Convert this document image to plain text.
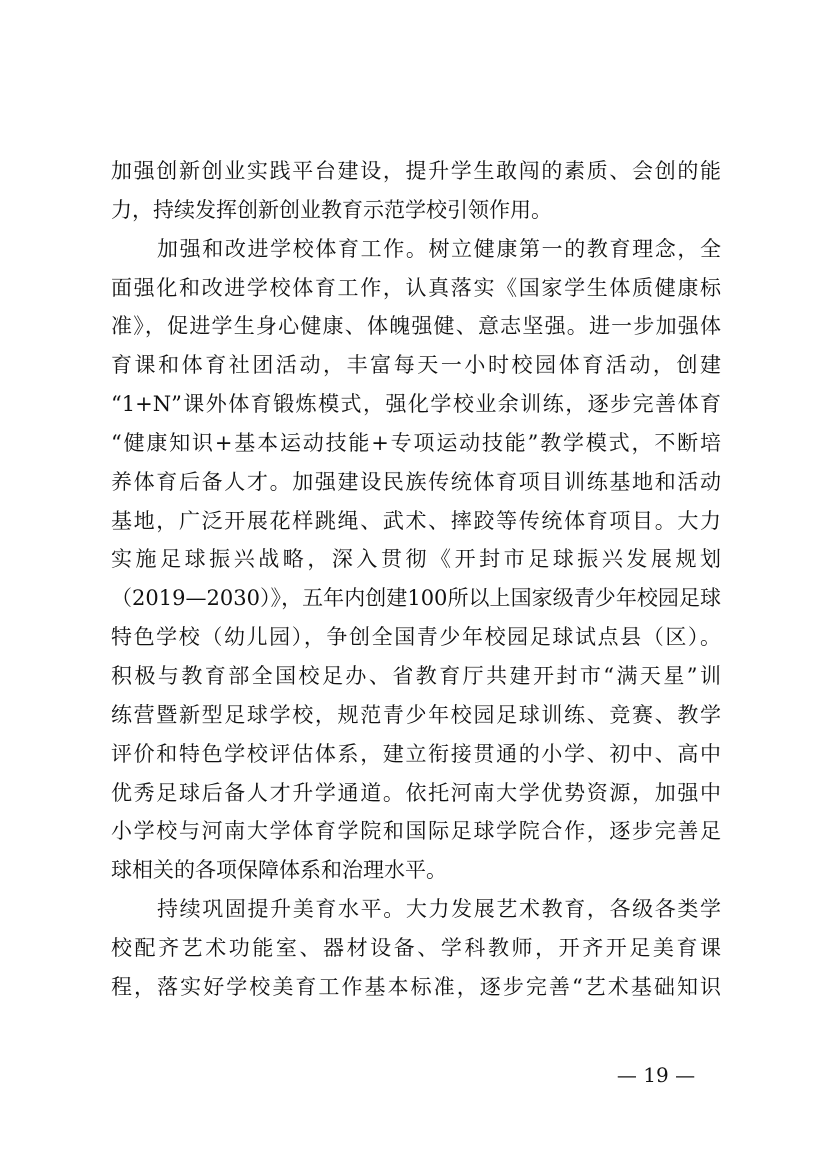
加强创新创业实践平台建设，提升学生敢闯的素质、会创的能
力，持续发挥创新创业教育示范学校引领作用。
加强和改进学校体育工作。树立健康第一的教育理念，全
面强化和改进学校体育工作，认真落实《国家学生体质健康标
准》，促进学生身心健康、体魄强健、意志坚强。进一步加强体
育课和体育社团活动，丰富每天一小时校园体育活动，创建
“1+N”课外体育锻炼模式，强化学校业余训练，逐步完善体育
“健康知识+基本运动技能+专项运动技能”教学模式，不断培
养体育后备人才。加强建设民族传统体育项目训练基地和活动
基地，广泛开展花样跳绳、武术、摔跤等传统体育项目。大力
实施足球振兴战略，深入贯彻《开封市足球振兴发展规划
（2019—2030）》，五年内创建100所以上国家级青少年校园足球
特色学校（幼儿园），争创全国青少年校园足球试点县（区）。
积极与教育部全国校足办、省教育厅共建开封市“满天星”训
练营暨新型足球学校，规范青少年校园足球训练、竞赛、教学
评价和特色学校评估体系，建立衔接贯通的小学、初中、高中
优秀足球后备人才升学通道。依托河南大学优势资源，加强中
小学校与河南大学体育学院和国际足球学院合作，逐步完善足
球相关的各项保障体系和治理水平。
持续巩固提升美育水平。大力发展艺术教育，各级各类学
校配齐艺术功能室、器材设备、学科教师，开齐开足美育课
程，落实好学校美育工作基本标准，逐步完善“艺术基础知识
— 19 —
